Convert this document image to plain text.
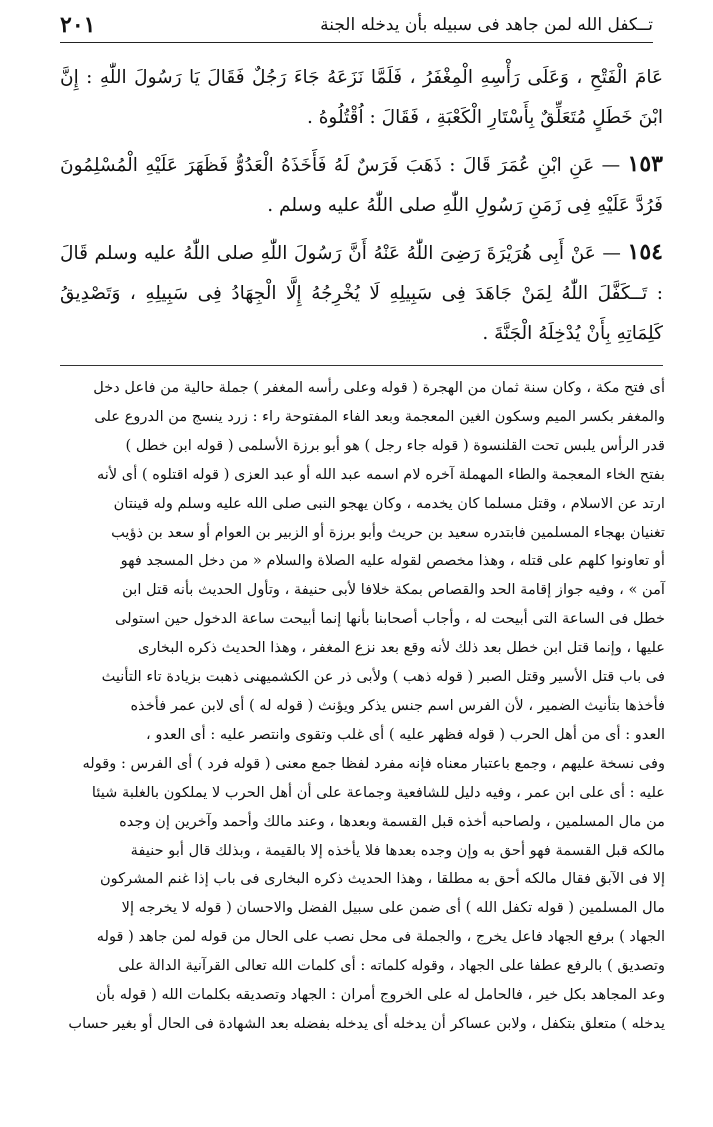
تــكفل الله لمن جاهد فى سبيله بأن يدخله الجنة
٢٠١

عَامَ الْفَتْحِ ، وَعَلَى رَأْسِهِ الْمِغْفَرُ ، فَلَمَّا نَزَعَهُ جَاءَ رَجُلٌ فَقَالَ يَا رَسُولَ اللّٰهِ : إِنَّ ابْنَ خَطَلٍ مُتَعَلِّقٌ بِأَسْتَارِ الْكَعْبَةِ ، فَقَالَ : اُقْتُلُوهُ .

١٥٣ — عَنِ ابْنِ عُمَرَ قَالَ : ذَهَبَ فَرَسٌ لَهُ فَأَخَذَهُ الْعَدُوُّ فَظَهَرَ عَلَيْهِ الْمُسْلِمُونَ فَرُدَّ عَلَيْهِ فِى زَمَنِ رَسُولِ اللّٰهِ صلى اللّٰهُ عليه وسلم .

١٥٤ — عَنْ أَبِى هُرَيْرَةَ رَضِىَ اللّٰهُ عَنْهُ أَنَّ رَسُولَ اللّٰهِ صلى اللّٰهُ عليه وسلم قَالَ : تَــكَفَّلَ اللّٰهُ لِمَنْ جَاهَدَ فِى سَبِيلِهِ لَا يُخْرِجُهُ إِلَّا الْجِهَادُ فِى سَبِيلِهِ ، وَتَصْدِيقُ كَلِمَاتِهِ بِأَنْ يُدْخِلَهُ الْجَنَّةَ .

أى فتح مكة ، وكان سنة ثمان من الهجرة ( قوله وعلى رأسه المغفر ) جملة حالية من فاعل دخل

والمغفر بكسر الميم وسكون الغين المعجمة وبعد الفاء المفتوحة راء : زرد ينسج من الدروع على

قدر الرأس يلبس تحت القلنسوة ( قوله جاء رجل ) هو أبو برزة الأسلمى ( قوله ابن خطل )

بفتح الخاء المعجمة والطاء المهملة آخره لام اسمه عبد الله أو عبد العزى ( قوله اقتلوه ) أى لأنه

ارتد عن الاسلام ، وقتل مسلما كان يخدمه ، وكان يهجو النبى صلى الله عليه وسلم وله قينتان

تغنيان بهجاء المسلمين فابتدره سعيد بن حريث وأبو برزة أو الزبير بن العوام أو سعد بن ذؤيب

أو تعاونوا كلهم على قتله ، وهذا مخصص لقوله عليه الصلاة والسلام « من دخل المسجد فهو

آمن » ، وفيه جواز إقامة الحد والقصاص بمكة خلافا لأبى حنيفة ، وتأول الحديث بأنه قتل ابن

خطل فى الساعة التى أبيحت له ، وأجاب أصحابنا بأنها إنما أبيحت ساعة الدخول حين استولى

عليها ، وإنما قتل ابن خطل بعد ذلك لأنه وقع بعد نزع المغفر ، وهذا الحديث ذكره البخارى

فى باب قتل الأسير وقتل الصبر ( قوله ذهب ) ولأبى ذر عن الكشميهنى ذهبت بزيادة تاء التأنيث

فأخذها بتأنيث الضمير ، لأن الفرس اسم جنس يذكر ويؤنث ( قوله له ) أى لابن عمر فأخذه

العدو : أى من أهل الحرب ( قوله فظهر عليه ) أى غلب وتقوى وانتصر عليه : أى العدو ،

وفى نسخة عليهم ، وجمع باعتبار معناه فإنه مفرد لفظا جمع معنى ( قوله فرد ) أى الفرس : وقوله

عليه : أى على ابن عمر ، وفيه دليل للشافعية وجماعة على أن أهل الحرب لا يملكون بالغلبة شيئا

من مال المسلمين ، ولصاحبه أخذه قبل القسمة وبعدها ، وعند مالك وأحمد وآخرين إن وجده

مالكه قبل القسمة فهو أحق به وإن وجده بعدها فلا يأخذه إلا بالقيمة ، وبذلك قال أبو حنيفة

إلا فى الآبق فقال مالكه أحق به مطلقا ، وهذا الحديث ذكره البخارى فى باب إذا غنم المشركون

مال المسلمين ( قوله تكفل الله ) أى ضمن على سبيل الفضل والاحسان ( قوله لا يخرجه إلا

الجهاد ) برفع الجهاد فاعل يخرج ، والجملة فى محل نصب على الحال من قوله لمن جاهد ( قوله

وتصديق ) بالرفع عطفا على الجهاد ، وقوله كلماته : أى كلمات الله تعالى القرآنية الدالة على

وعد المجاهد بكل خير ، فالحامل له على الخروج أمران : الجهاد وتصديقه بكلمات الله ( قوله بأن

يدخله ) متعلق بتكفل ، ولابن عساكر أن يدخله أى يدخله بفضله بعد الشهادة فى الحال أو بغير حساب
